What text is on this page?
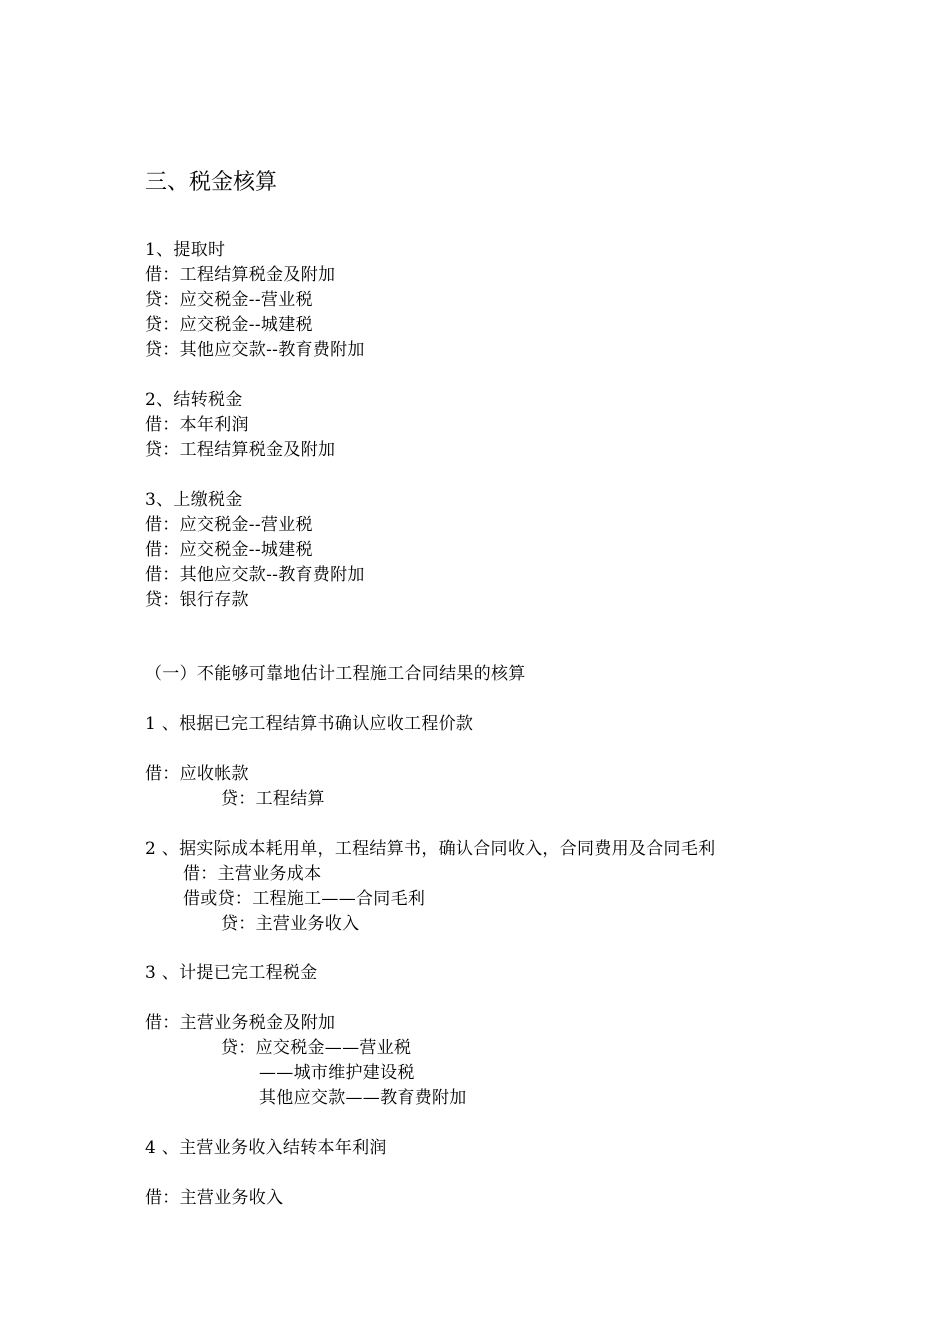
三、税金核算
1、提取时
借：工程结算税金及附加
贷：应交税金--营业税
贷：应交税金--城建税
贷：其他应交款--教育费附加
2、结转税金
借：本年利润
贷：工程结算税金及附加
3、上缴税金
借：应交税金--营业税
借：应交税金--城建税
借：其他应交款--教育费附加
贷：银行存款
（一）不能够可靠地估计工程施工合同结果的核算
1 、根据已完工程结算书确认应收工程价款
借：应收帐款
贷：工程结算
2 、据实际成本耗用单，工程结算书，确认合同收入，合同费用及合同毛利
借：主营业务成本
借或贷：工程施工——合同毛利
贷：主营业务收入
3 、计提已完工程税金
借：主营业务税金及附加
贷：应交税金——营业税
——城市维护建设税
其他应交款——教育费附加
4 、主营业务收入结转本年利润
借：主营业务收入
